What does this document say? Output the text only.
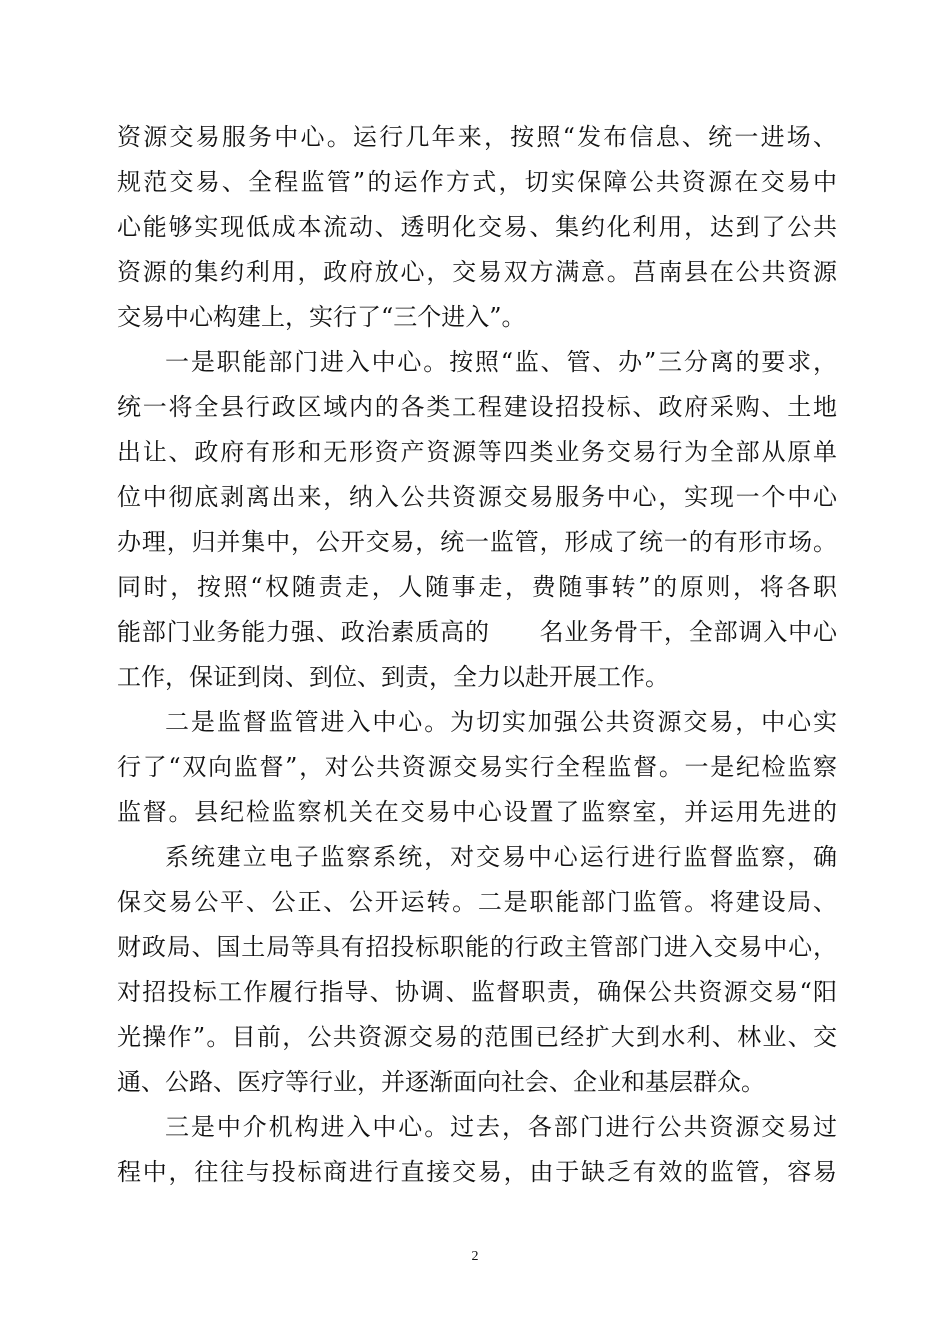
资源交易服务中心。运行几年来，按照“发布信息、统一进场、
规范交易、全程监管”的运作方式，切实保障公共资源在交易中
心能够实现低成本流动、透明化交易、集约化利用，达到了公共
资源的集约利用，政府放心，交易双方满意。莒南县在公共资源
交易中心构建上，实行了“三个进入”。
一是职能部门进入中心。按照“监、管、办”三分离的要求，
统一将全县行政区域内的各类工程建设招投标、政府采购、土地
出让、政府有形和无形资产资源等四类业务交易行为全部从原单
位中彻底剥离出来，纳入公共资源交易服务中心，实现一个中心
办理，归并集中，公开交易，统一监管，形成了统一的有形市场。
同时，按照“权随责走，人随事走，费随事转”的原则，将各职
能部门业务能力强、政治素质高的　　名业务骨干，全部调入中心
工作，保证到岗、到位、到责，全力以赴开展工作。
二是监督监管进入中心。为切实加强公共资源交易，中心实
行了“双向监督”，对公共资源交易实行全程监督。一是纪检监察
监督。县纪检监察机关在交易中心设置了监察室，并运用先进的
系统建立电子监察系统，对交易中心运行进行监督监察，确
保交易公平、公正、公开运转。二是职能部门监管。将建设局、
财政局、国土局等具有招投标职能的行政主管部门进入交易中心，
对招投标工作履行指导、协调、监督职责，确保公共资源交易“阳
光操作”。目前，公共资源交易的范围已经扩大到水利、林业、交
通、公路、医疗等行业，并逐渐面向社会、企业和基层群众。
三是中介机构进入中心。过去，各部门进行公共资源交易过
程中，往往与投标商进行直接交易，由于缺乏有效的监管，容易
2
